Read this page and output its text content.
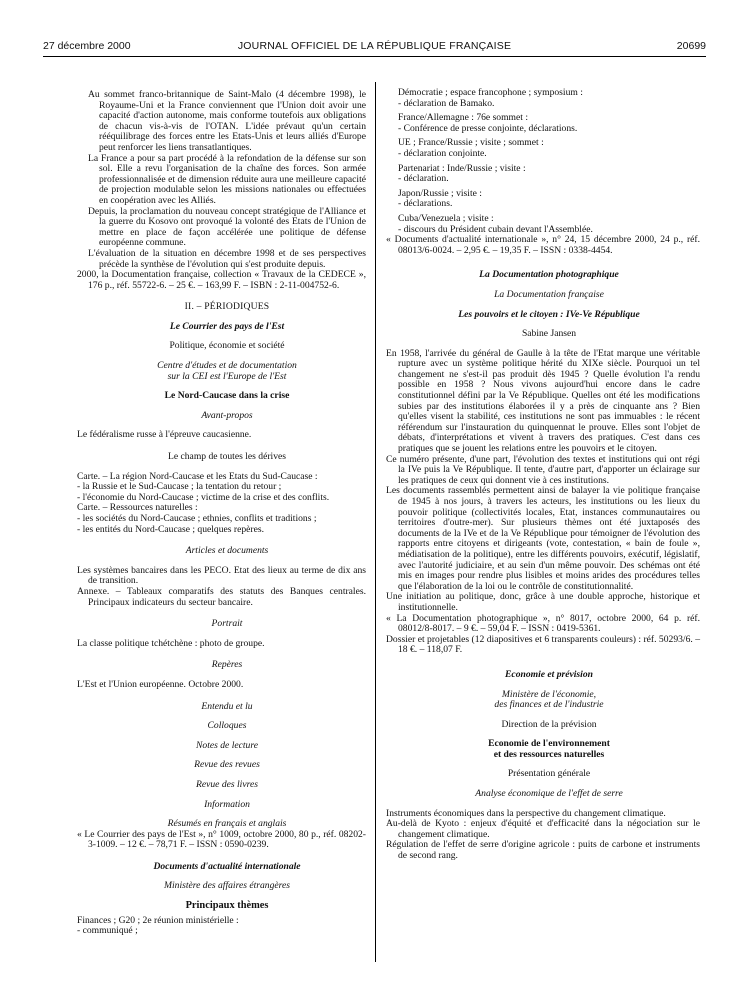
27 décembre 2000	JOURNAL OFFICIEL DE LA RÉPUBLIQUE FRANÇAISE	20699

Au sommet franco-britannique de Saint-Malo (4 décembre 1998), le Royaume-Uni et la France conviennent que l'Union doit avoir une capacité d'action autonome, mais conforme toutefois aux obligations de chacun vis-à-vis de l'OTAN. L'idée prévaut qu'un certain rééquilibrage des forces entre les Etats-Unis et leurs alliés d'Europe peut renforcer les liens transatlantiques.

La France a pour sa part procédé à la refondation de la défense sur son sol. Elle a revu l'organisation de la chaîne des forces. Son armée professionnalisée et de dimension réduite aura une meilleure capacité de projection modulable selon les missions nationales ou effectuées en coopération avec les Alliés.

Depuis, la proclamation du nouveau concept stratégique de l'Alliance et la guerre du Kosovo ont provoqué la volonté des Etats de l'Union de mettre en place de façon accélérée une politique de défense européenne commune.

L'évaluation de la situation en décembre 1998 et de ses perspectives précède la synthèse de l'évolution qui s'est produite depuis.

2000, la Documentation française, collection « Travaux de la CEDECE », 176 p., réf. 55722-6. – 25 €. – 163,99 F. – ISBN : 2-11-004752-6.

II. – PÉRIODIQUES

Le Courrier des pays de l'Est

Politique, économie et société

Centre d'études et de documentation

sur la CEI est l'Europe de l'Est

Le Nord-Caucase dans la crise

Avant-propos

Le fédéralisme russe à l'épreuve caucasienne.

Le champ de toutes les dérives

Carte. – La région Nord-Caucase et les Etats du Sud-Caucase :

- la Russie et le Sud-Caucase ; la tentation du retour ;

- l'économie du Nord-Caucase ; victime de la crise et des conflits.

Carte. – Ressources naturelles :

- les sociétés du Nord-Caucase ; ethnies, conflits et traditions ;

- les entités du Nord-Caucase ; quelques repères.

Articles et documents

Les systèmes bancaires dans les PECO. Etat des lieux au terme de dix ans de transition.

Annexe. – Tableaux comparatifs des statuts des Banques centrales. Principaux indicateurs du secteur bancaire.

Portrait

La classe politique tchétchène : photo de groupe.

Repères

L'Est et l'Union européenne. Octobre 2000.

Entendu et lu

Colloques

Notes de lecture

Revue des revues

Revue des livres

Information

Résumés en français et anglais

« Le Courrier des pays de l'Est », n° 1009, octobre 2000, 80 p., réf. 08202-3-1009. – 12 €. – 78,71 F. – ISSN : 0590-0239.

Documents d'actualité internationale

Ministère des affaires étrangères

Principaux thèmes

Finances ; G20 ; 2e réunion ministérielle :

- communiqué ;

Démocratie ; espace francophone ; symposium :

- déclaration de Bamako.

France/Allemagne : 76e sommet :

- Conférence de presse conjointe, déclarations.

UE ; France/Russie ; visite ; sommet :

- déclaration conjointe.

Partenariat : Inde/Russie ; visite :

- déclaration.

Japon/Russie ; visite :

- déclarations.

Cuba/Venezuela ; visite :

- discours du Président cubain devant l'Assemblée.

« Documents d'actualité internationale », n° 24, 15 décembre 2000, 24 p., réf. 08013/6-0024. – 2,95 €. – 19,35 F. – ISSN : 0338-4454.

La Documentation photographique

La Documentation française

Les pouvoirs et le citoyen : IVe-Ve République

Sabine Jansen

En 1958, l'arrivée du général de Gaulle à la tête de l'Etat marque une véritable rupture avec un système politique hérité du XIXe siècle. Pourquoi un tel changement ne s'est-il pas produit dès 1945 ? Quelle évolution l'a rendu possible en 1958 ? Nous vivons aujourd'hui encore dans le cadre constitutionnel défini par la Ve République. Quelles ont été les modifications subies par des institutions élaborées il y a près de cinquante ans ? Bien qu'elles visent la stabilité, ces institutions ne sont pas immuables : le récent référendum sur l'instauration du quinquennat le prouve. Elles sont l'objet de débats, d'interprétations et vivent à travers des pratiques. C'est dans ces pratiques que se jouent les relations entre les pouvoirs et le citoyen.

Ce numéro présente, d'une part, l'évolution des textes et institutions qui ont régi la IVe puis la Ve République. Il tente, d'autre part, d'apporter un éclairage sur les pratiques de ceux qui donnent vie à ces institutions.

Les documents rassemblés permettent ainsi de balayer la vie politique française de 1945 à nos jours, à travers les acteurs, les institutions ou les lieux du pouvoir politique (collectivités locales, Etat, instances communautaires ou territoires d'outre-mer). Sur plusieurs thèmes ont été juxtaposés des documents de la IVe et de la Ve République pour témoigner de l'évolution des rapports entre citoyens et dirigeants (vote, contestation, « bain de foule », médiatisation de la politique), entre les différents pouvoirs, exécutif, législatif, avec l'autorité judiciaire, et au sein d'un même pouvoir. Des schémas ont été mis en images pour rendre plus lisibles et moins arides des procédures telles que l'élaboration de la loi ou le contrôle de constitutionnalité.

Une initiation au politique, donc, grâce à une double approche, historique et institutionnelle.

« La Documentation photographique », n° 8017, octobre 2000, 64 p. réf. 08012/8-8017. – 9 €. – 59,04 F. – ISSN : 0419-5361.

Dossier et projetables (12 diapositives et 6 transparents couleurs) : réf. 50293/6. – 18 €. – 118,07 F.

Economie et prévision

Ministère de l'économie,

des finances et de l'industrie

Direction de la prévision

Economie de l'environnement

et des ressources naturelles

Présentation générale

Analyse économique de l'effet de serre

Instruments économiques dans la perspective du changement climatique.

Au-delà de Kyoto : enjeux d'équité et d'efficacité dans la négociation sur le changement climatique.

Régulation de l'effet de serre d'origine agricole : puits de carbone et instruments de second rang.
